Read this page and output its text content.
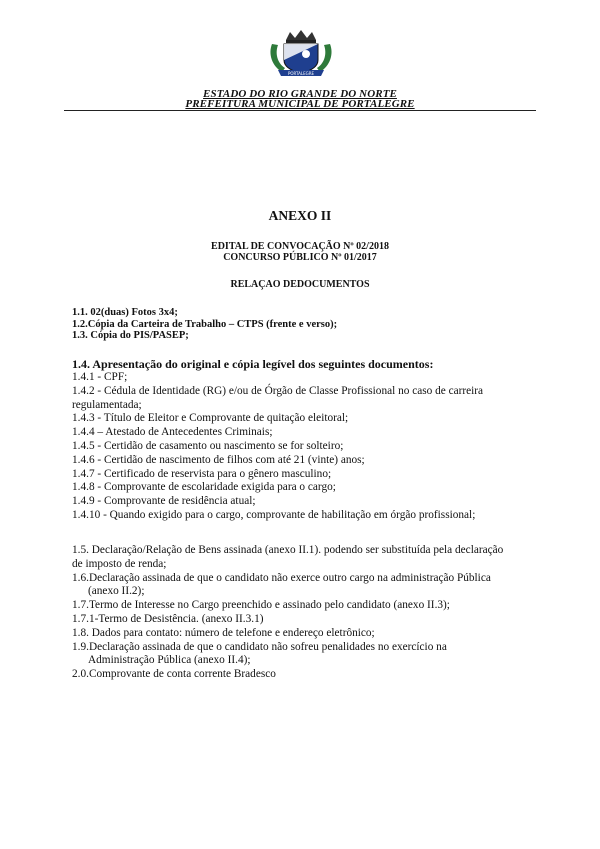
PORTALEGRE
ESTADO DO RIO GRANDE DO NORTE
PREFEITURA MUNICIPAL DE PORTALEGRE
ANEXO II
EDITAL DE CONVOCAÇÃO Nº 02/2018
CONCURSO PÚBLICO Nº 01/2017
RELAÇAO DEDOCUMENTOS
1.1. 02(duas) Fotos 3x4;
1.2.Cópia da Carteira de Trabalho – CTPS (frente e verso);
1.3. Cópia do PIS/PASEP;
1.4. Apresentação do original e cópia legível dos seguintes documentos:
1.4.1 - CPF;
1.4.2 - Cédula de Identidade (RG) e/ou de Órgão de Classe Profissional no caso de carreira
regulamentada;
1.4.3 - Título de Eleitor e Comprovante de quitação eleitoral;
1.4.4 – Atestado de Antecedentes Criminais;
1.4.5 - Certidão de casamento ou nascimento se for solteiro;
1.4.6 - Certidão de nascimento de filhos com até 21 (vinte) anos;
1.4.7 - Certificado de reservista para o gênero masculino;
1.4.8 - Comprovante de escolaridade exigida para o cargo;
1.4.9 - Comprovante de residência atual;
1.4.10 - Quando exigido para o cargo, comprovante de habilitação em órgão profissional;
1.5. Declaração/Relação de Bens assinada (anexo II.1). podendo ser substituída pela declaração
de imposto de renda;
1.6.Declaração assinada de que o candidato não exerce outro cargo na administração Pública
(anexo II.2);
1.7.Termo de Interesse no Cargo preenchido e assinado pelo candidato (anexo II.3);
1.7.1-Termo de Desistência. (anexo II.3.1)
1.8. Dados para contato: número de telefone e endereço eletrônico;
1.9.Declaração assinada de que o candidato não sofreu penalidades no exercício na
Administração Pública (anexo II.4);
2.0.Comprovante de conta corrente Bradesco
